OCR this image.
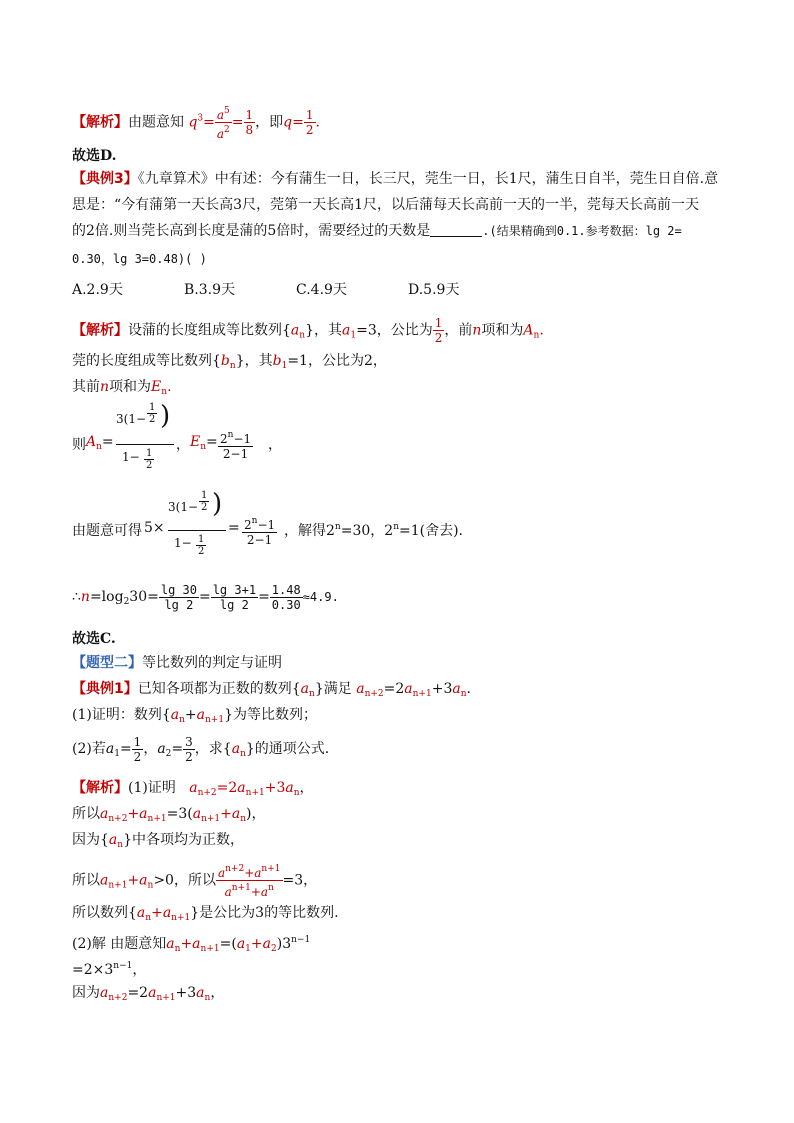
【解析】由题意知 $q^3= \frac{a^5}{a^2} = \frac{1}{8}$ ，即$q= \frac{1}{2}$ .
故选D.
【典例3】《九章算术》中有述：今有蒲生一日，长三尺，莞生一日，长1尺，蒲生日自半，莞生日自倍.意
思是：“今有蒲第一天长高3尺，莞第一天长高1尺，以后蒲每天长高前一天的一半，莞每天长高前一天
的2倍.则当莞长高到长度是蒲的5倍时，需要经过的天数是	.(结果精确到0.1.参考数据：lg 2=
0.30，lg 3=0.48)( )
A.2.9天	B.3.9天	C.4.9天	D.5.9天
【解析】设蒲的长度组成等比数列$\{a_n\}$，其$a_1=3$，公比为 $\frac{1}{2}$ ，前n项和为$A_n$.
莞的长度组成等比数列$\{b_n\}$，其$b_1=1$，公比为2，
其前n项和为$E_n$.
则 $A_n=$
$3(1- \frac{1}{2}$ )
$1- \frac{1}{2}$
， $E_n= \frac{2^n-1}{2-1}$ ，
由题意可得 5×
$3(1- \frac{1}{2}$ )
$1- \frac{1}{2}$
= $\frac{2^n-1}{2-1}$ ，解得$2^n=30$，$2^n=1$(舍去).
$\therefore n=\log_230= \frac{\lg 30}{\lg 2} = \frac{\lg 3+1}{\lg 2} = \frac{1.48}{0.30} \approx 4.9$.
故选C.
【题型二】等比数列的判定与证明
【典例1】已知各项都为正数的数列$\{a_n\}$满足 $a_{n+2}=2a_{n+1}+3a_n$.
(1)证明：数列$\{a_n+a_{n+1}\}$为等比数列；
(2)若$a_1= \frac{1}{2}$ ，$a_2= \frac{3}{2}$ ，求$\{a_n\}$的通项公式.
【解析】(1)证明 $a_{n+2}=2a_{n+1}+3a_n$，
所以$a_{n+2}+a_{n+1}=3(a_{n+1}+a_n)$，
因为$\{a_n\}$中各项均为正数，
所以$a_{n+1}+a_n>0$，所以 $\frac{a^{n+2}+a^{n+1}}{a^{n+1}+a^n} =3$，
所以数列$\{a_n+a_{n+1}\}$是公比为3的等比数列.
(2)解 由题意知$a_n+a_{n+1}=(a_1+a_2)3^{n-1}$
$=2\times 3^{n-1}$，
因为$a_{n+2}=2a_{n+1}+3a_n$，
